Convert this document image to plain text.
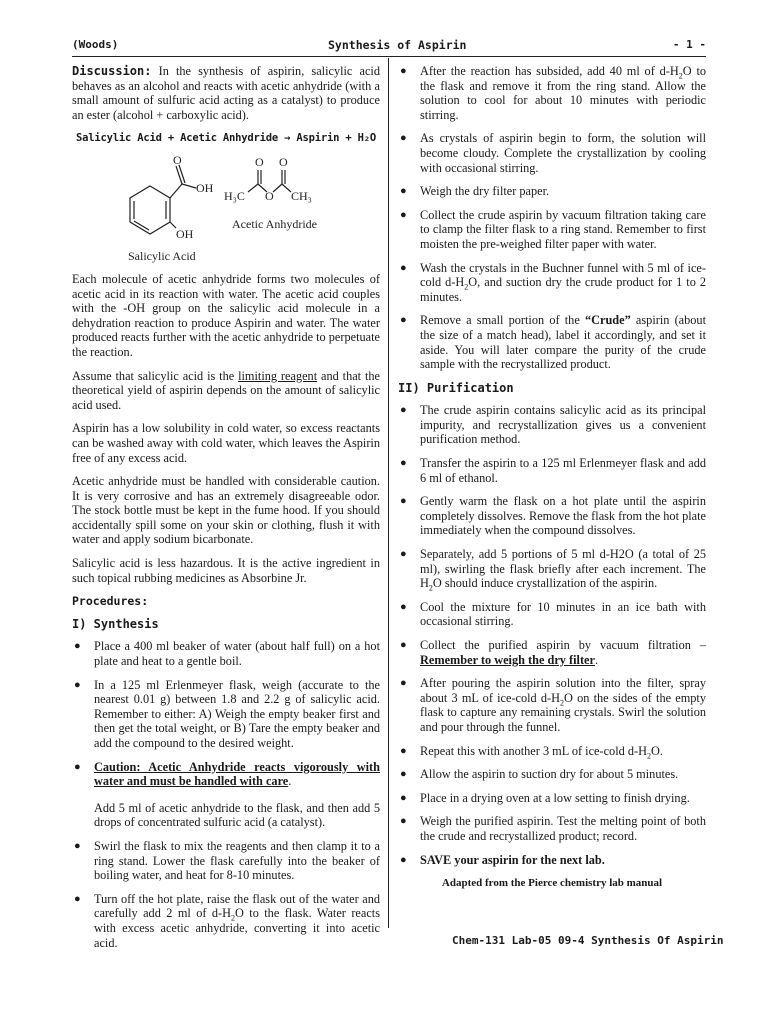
(Woods)	Synthesis of Aspirin	- 1 -

Discussion: In the synthesis of aspirin, salicylic acid behaves as an alcohol and reacts with acetic anhydride (with a small amount of sulfuric acid acting as a catalyst) to produce an ester (alcohol + carboxylic acid).

Salicylic Acid + Acetic Anhydride → Aspirin + H₂O
O
OH
OH
Salicylic Acid
O O
O
H₃C	CH₃
Acetic Anhydride

Each molecule of acetic anhydride forms two molecules of acetic acid in its reaction with water. The acetic acid couples with the -OH group on the salicylic acid molecule in a dehydration reaction to produce Aspirin and water. The water produced reacts further with the acetic anhydride to perpetuate the reaction.

Assume that salicylic acid is the limiting reagent and that the theoretical yield of aspirin depends on the amount of salicylic acid used.

Aspirin has a low solubility in cold water, so excess reactants can be washed away with cold water, which leaves the Aspirin free of any excess acid.

Acetic anhydride must be handled with considerable caution. It is very corrosive and has an extremely disagreeable odor. The stock bottle must be kept in the fume hood. If you should accidentally spill some on your skin or clothing, flush it with water and apply sodium bicarbonate.

Salicylic acid is less hazardous. It is the active ingredient in such topical rubbing medicines as Absorbine Jr.

Procedures:
I) Synthesis
● Place a 400 ml beaker of water (about half full) on a hot plate and heat to a gentle boil.
● In a 125 ml Erlenmeyer flask, weigh (accurate to the nearest 0.01 g) between 1.8 and 2.2 g of salicylic acid. Remember to either: A) Weigh the empty beaker first and then get the total weight, or B) Tare the empty beaker and add the compound to the desired weight.
● Caution: Acetic Anhydride reacts vigorously with water and must be handled with care.

Add 5 ml of acetic anhydride to the flask, and then add 5 drops of concentrated sulfuric acid (a catalyst).

● Swirl the flask to mix the reagents and then clamp it to a ring stand. Lower the flask carefully into the beaker of boiling water, and heat for 8-10 minutes.
● Turn off the hot plate, raise the flask out of the water and carefully add 2 ml of $d-H_2O$ to the flask. Water reacts with excess acetic anhydride, converting it into acetic acid.
● After the reaction has subsided, add 40 ml of $d-H_2O$ to the flask and remove it from the ring stand. Allow the solution to cool for about 10 minutes with periodic stirring.
● As crystals of aspirin begin to form, the solution will become cloudy. Complete the crystallization by cooling with occasional stirring.
● Weigh the dry filter paper.
● Collect the crude aspirin by vacuum filtration taking care to clamp the filter flask to a ring stand. Remember to first moisten the pre-weighed filter paper with water.
● Wash the crystals in the Buchner funnel with 5 ml of ice-cold $d-H_2O$, and suction dry the crude product for 1 to 2 minutes.
● Remove a small portion of the “Crude” aspirin (about the size of a match head), label it accordingly, and set it aside. You will later compare the purity of the crude sample with the recrystallized product.
II) Purification
● The crude aspirin contains salicylic acid as its principal impurity, and recrystallization gives us a convenient purification method.
● Transfer the aspirin to a 125 ml Erlenmeyer flask and add 6 ml of ethanol.
● Gently warm the flask on a hot plate until the aspirin completely dissolves. Remove the flask from the hot plate immediately when the compound dissolves.
● Separately, add 5 portions of 5 ml d-H2O (a total of 25 ml), swirling the flask briefly after each increment. The $H_2O$ should induce crystallization of the aspirin.
● Cool the mixture for 10 minutes in an ice bath with occasional stirring.
● Collect the purified aspirin by vacuum filtration – Remember to weigh the dry filter.
● After pouring the aspirin solution into the filter, spray about 3 mL of ice-cold $d-H_2O$ on the sides of the empty flask to capture any remaining crystals. Swirl the solution and pour through the funnel.
● Repeat this with another 3 mL of ice-cold $d-H_2O$.
● Allow the aspirin to suction dry for about 5 minutes.
● Place in a drying oven at a low setting to finish drying.
● Weigh the purified aspirin. Test the melting point of both the crude and recrystallized product; record.
● SAVE your aspirin for the next lab.
Adapted from the Pierce chemistry lab manual
Chem-131 Lab-05 09-4 Synthesis Of Aspirin
